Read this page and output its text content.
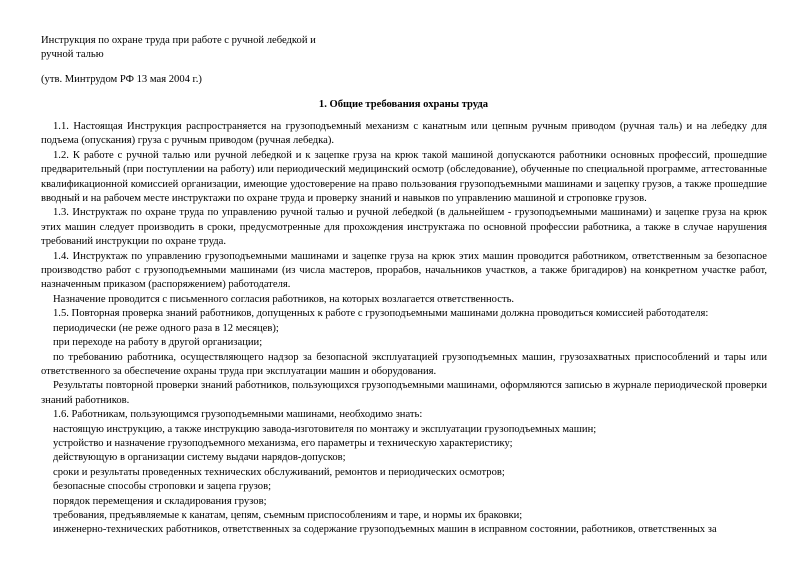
Инструкция по охране труда при работе с ручной лебедкой и
ручной талью
(утв. Минтрудом РФ 13 мая 2004 г.)
1. Общие требования охраны труда

1.1. Настоящая Инструкция распространяется на грузоподъемный механизм с канатным или цепным ручным приводом (ручная таль) и на лебедку для подъема (опускания) груза с ручным приводом (ручная лебедка).

1.2. К работе с ручной талью или ручной лебедкой и к зацепке груза на крюк такой машиной допускаются работники основных профессий, прошедшие предварительный (при поступлении на работу) или периодический медицинский осмотр (обследование), обученные по специальной программе, аттестованные квалификационной комиссией организации, имеющие удостоверение на право пользования грузоподъемными машинами и зацепку грузов, а также прошедшие вводный и на рабочем месте инструктажи по охране труда и проверку знаний и навыков по управлению машиной и строповке грузов.

1.3. Инструктаж по охране труда по управлению ручной талью и ручной лебедкой (в дальнейшем - грузоподъемными машинами) и зацепке груза на крюк этих машин следует производить в сроки, предусмотренные для прохождения инструктажа по основной профессии работника, а также в случае нарушения требований инструкции по охране труда.

1.4. Инструктаж по управлению грузоподъемными машинами и зацепке груза на крюк этих машин проводится работником, ответственным за безопасное производство работ с грузоподъемными машинами (из числа мастеров, прорабов, начальников участков, а также бригадиров) на конкретном участке работ, назначенным приказом (распоряжением) работодателя.

Назначение проводится с письменного согласия работников, на которых возлагается ответственность.

1.5. Повторная проверка знаний работников, допущенных к работе с грузоподъемными машинами должна проводиться комиссией работодателя:

периодически (не реже одного раза в 12 месяцев);

при переходе на работу в другой организации;

по требованию работника, осуществляющего надзор за безопасной эксплуатацией грузоподъемных машин, грузозахватных приспособлений и тары или ответственного за обеспечение охраны труда при эксплуатации машин и оборудования.

Результаты повторной проверки знаний работников, пользующихся грузоподъемными машинами, оформляются записью в журнале периодической проверки знаний работников.

1.6. Работникам, пользующимся грузоподъемными машинами, необходимо знать:

настоящую инструкцию, а также инструкцию завода-изготовителя по монтажу и эксплуатации грузоподъемных машин;

устройство и назначение грузоподъемного механизма, его параметры и техническую характеристику;

действующую в организации систему выдачи нарядов-допусков;

сроки и результаты проведенных технических обслуживаний, ремонтов и периодических осмотров;

безопасные способы строповки и зацепа грузов;

порядок перемещения и складирования грузов;

требования, предъявляемые к канатам, цепям, съемным приспособлениям и таре, и нормы их браковки;

инженерно-технических работников, ответственных за содержание грузоподъемных машин в исправном состоянии, работников, ответственных за
